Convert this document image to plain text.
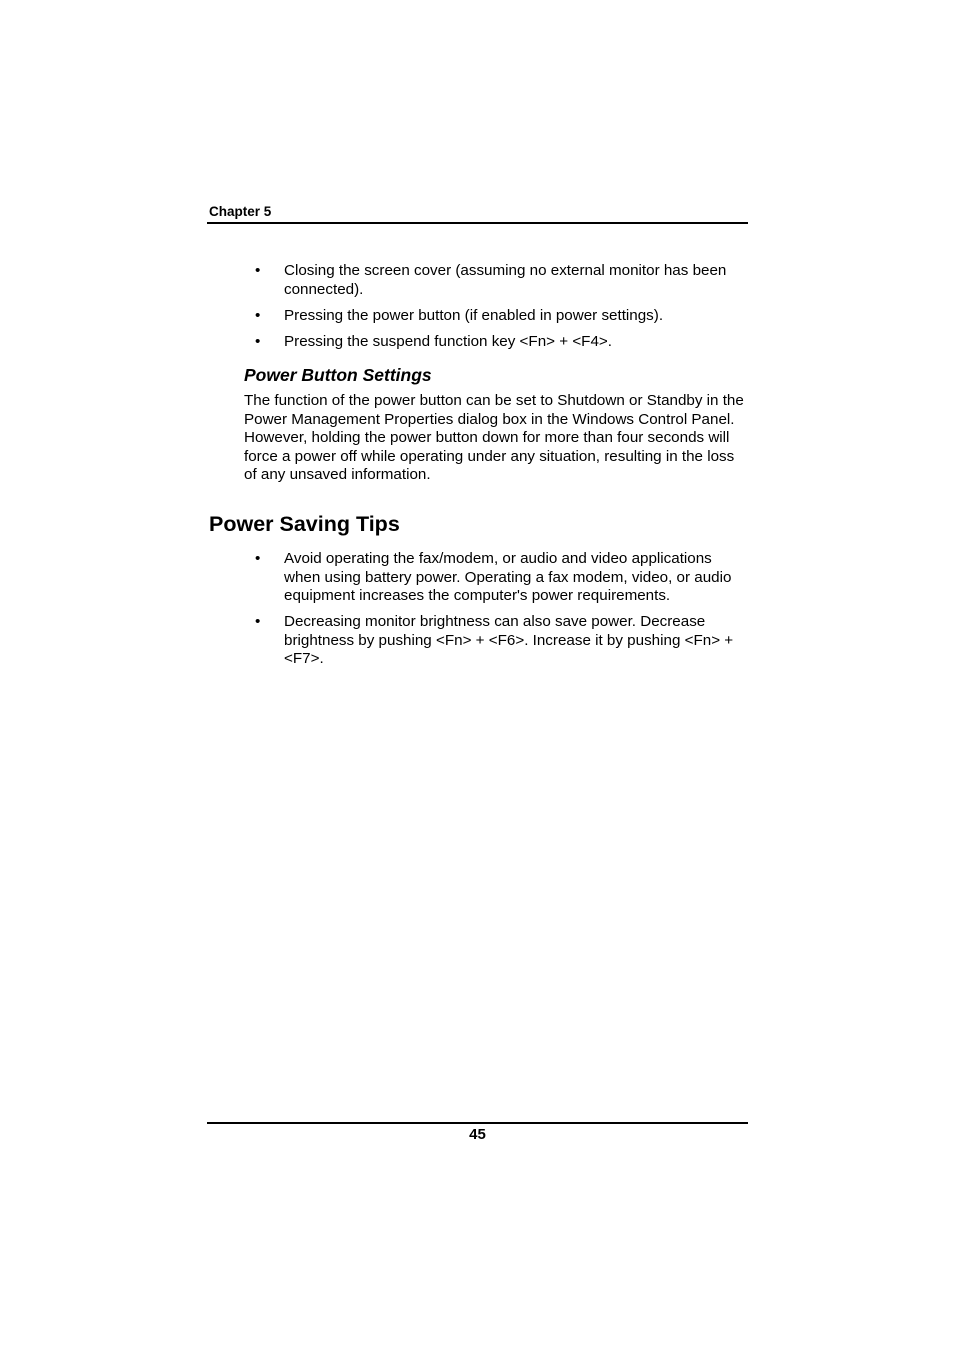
Chapter 5
• Closing the screen cover (assuming no external monitor has been connected).
• Pressing the power button (if enabled in power settings).
• Pressing the suspend function key <Fn> + <F4>.
Power Button Settings

The function of the power button can be set to Shutdown or Standby in the Power Management Properties dialog box in the Windows Control Panel. However, holding the power button down for more than four seconds will force a power off while operating under any situation, resulting in the loss of any unsaved information.

Power Saving Tips
• Avoid operating the fax/modem, or audio and video applications when using battery power. Operating a fax modem, video, or audio equipment increases the computer's power requirements.
• Decreasing monitor brightness can also save power. Decrease brightness by pushing <Fn> + <F6>. Increase it by pushing <Fn> + <F7>.
45
